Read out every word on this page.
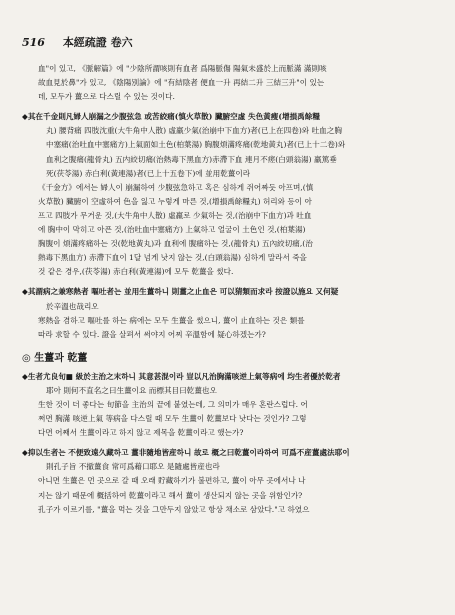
516 本經疏證 卷六
血"이 있고, 《脈解篇》에 "少陰所謂咳則有血者 爲陽脈傷 陽氣未盛於上而脈滿 滿則咳
故血見於鼻"가 있고, 《陰陽別論》에 "有結陰者 便血一升 再結二升 三結三升"이 있는
데, 모두가 薑으로 다스릴 수 있는 것이다.
◆其在千金則凡婦人崩漏之少腹弦急 或苦絞痛(慎火草散) 臟腑空虛 失色黃瘦(增損禹餘糧
丸) 腰背痛 四肢沈重(大牛角中人散) 虛羸少氣(治崩中下血方)者(已上在四卷)와 吐血之胸
中塞痛(治吐血中塞痛方)上氣面如土色(柏葉湯) 胸腹煩滿疼痛(乾地黃丸)者(已上十二卷)와
血利之腹痛(龍骨丸) 五内絞切痛(治熱毒下黑血方)赤滯下血 連月不瘥(白頭翁湯) 羸篤垂
死(茯苓湯) 赤白利(黃連湯)者(已上十五卷下)에 並用乾薑이라
《千金方》에서는 婦人이 崩漏하여 少腹弦急하고 혹은 심하게 쥐어짜듯 아프며,(慎
火草散) 臟腑이 空虛하여 色을 잃고 누렇게 마른 것,(增損禹餘糧丸) 허리와 등이 아
프고 四肢가 무거운 것,(大牛角中人散) 虛羸로 少氣하는 것,(治崩中下血方)과 吐血
에 胸中이 막히고 아픈 것,(治吐血中塞痛方) 上氣하고 얼굴이 土色인 것,(柏葉湯)
胸腹이 煩滿疼痛하는 것(乾地黃丸)과 血利에 腹痛하는 것,(龍骨丸) 五內絞切痛,(治
熱毒下黑血方) 赤滯下血이 1달 넘게 낫지 않는 것,(白頭翁湯) 심하게 말라서 죽을
것 같은 경우,(茯苓湯) 赤白利(黃連湯)에 모두 乾薑을 썼다.
◆其謂病之兼寒熱者 嘔吐者는 並用生薑하니 則薑之止血은 可以猜類而求라 按證以施요 又何疑
於辛溫也哉리오
寒熱을 겸하고 嘔吐를 하는 病에는 모두 生薑을 썼으니, 薑이 止血하는 것은 類를
따라 求할 수 있다. 證을 살펴서 써야지 어찌 辛溫함에 疑心하겠는가?
◎ 生薑과 乾薑
◆生者尤良旬■ 級於主治之末하니 其意甚混이라 豈以凡治胸滿咳逆上氣等病에 均生者優於乾者
耶아 則何不直名之曰生薑이요 而標其目曰乾薑也오
生한 것이 더 좋다는 旬節을 主治의 끝에 붙였는데, 그 의미가 매우 혼란스럽다. 어
쩌면 胸滿 咳逆上氣 等病을 다스릴 때 모두 生薑이 乾薑보다 낫다는 것인가? 그렇
다면 어째서 生薑이라고 하지 않고 제목을 乾薑이라고 했는가?
◆抑以生者는 不便致遠久藏하고 薑非隨地皆産하니 故로 概之曰乾薑이라하여 可爲不産薑處法耶이
則孔子旨 不撤薑食 常可爲藉口耶오 是隨處皆産也라
아니면 生薑은 먼 곳으로 갈 때 오래 貯藏하기가 불편하고, 薑이 아무 곳에서나 나
지는 않기 때문에 概括하여 乾薑이라고 해서 薑이 생산되지 않는 곳을 위함인가?
孔子가 이르기를, "薑을 먹는 것을 그만두지 않았고 항상 채소로 삼았다."고 하였으
